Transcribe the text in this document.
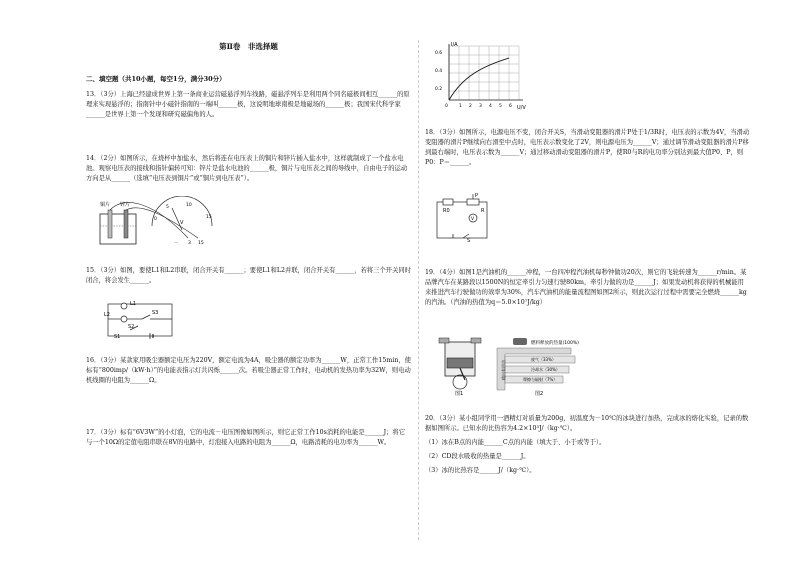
第Ⅱ卷　非选择题
二、填空题（共10小题，每空1分，满分30分）

13．（3分）上海已经建成世界上第一条商业运营磁悬浮列车线路，磁悬浮列车是利用两个同名磁极间相互______的原理来实现悬浮的；指南针中小磁针指南的一端叫______极，这说明地球南极是地磁场的______极；我国宋代科学家______是世界上第一个发现和研究磁偏角的人。

14．（2分）如图所示，在烧杯中加盐水，然后将连在电压表上的铜片和锌片插入盐水中，这样就制成了一个盐水电池。观察电压表的接线和指针偏转可知：锌片是盐水电池的______极，铜片与电压表之间的导线中，自由电子的运动方向是从______（选填“电压表到铜片”或“铜片到电压表”）。

铜片 锌片
0
5	10
15
V
－ 3 15

15．（3分）如图，要使L1和L2串联，闭合开关有______；要使L1和L2并联，闭合开关有______，若将三个开关同时闭合，将会发生______。

L1
L2
S1
S2
S3

16．（3分）某款家用吸尘器额定电压为220V，额定电流为4A，吸尘器的额定功率为______W，正常工作15min，使标有“800imp/（kW·h）”的电能表指示灯共闪烁______次。若吸尘器正常工作时，电动机的发热功率为32W，则电动机线圈的电阻为______Ω。

17．（3分）标有“6V3W”的小灯泡，它的电流－电压图像如图所示，则它正常工作10s消耗的电能是______J；将它与一个10Ω的定值电阻串联在8V的电路中，灯泡接入电路的电阻为______Ω，电路消耗的电功率为______W。

I/A
U/V
0 1 2 3 4 5 6
0.2
0.4
0.6

18．（3分）如图所示，电源电压不变，闭合开关S，当滑动变阻器的滑片P处于1/3R时，电压表的示数为4V，当滑动变阻器的滑片P继续向右滑至中点时，电压表示数变化了2V，则电源电压为______V；通过调节滑动变阻器的滑片P移到最右端时，电压表示数为______V；通过移动滑动变阻器的滑片P，使R0与R的电功率分别达到最大值P0、P，则P0：P＝______。

R0
P
R
V
S

19．（4分）如图1是汽油机的______冲程，一台四冲程汽油机每秒钟做功20次，则它的飞轮转速为______r/min。某品牌汽车在某路段以1500N的恒定牵引力匀速行驶80km，牵引力做的功是______J；如果发动机将获得的机械能用来推进汽车行驶做功的效率为30%，汽车汽油机的能量流程图如图2所示，则此次运行过程中需要完全燃烧______kg的汽油。（汽油的热值为q＝5.0×10⁷J/kg）

图1
燃料释放的热量(100%)
废气（33%）
冷却水（30%）
摩擦与辐射（7%）
输出有用功
图2

20．（3分）某小组同学用一酒精灯对质量为200g，初温度为－10℃的冰块进行加热，完成冰的熔化实验，记录的数据如图所示。已知水的比热容为4.2×10³J/（kg·℃）。

（1）冰在B点的内能______C点的内能（填大于、小于或等于）。

（2）CD段水吸收的热量是______J。

（3）冰的比热容是______J/（kg·℃）。
